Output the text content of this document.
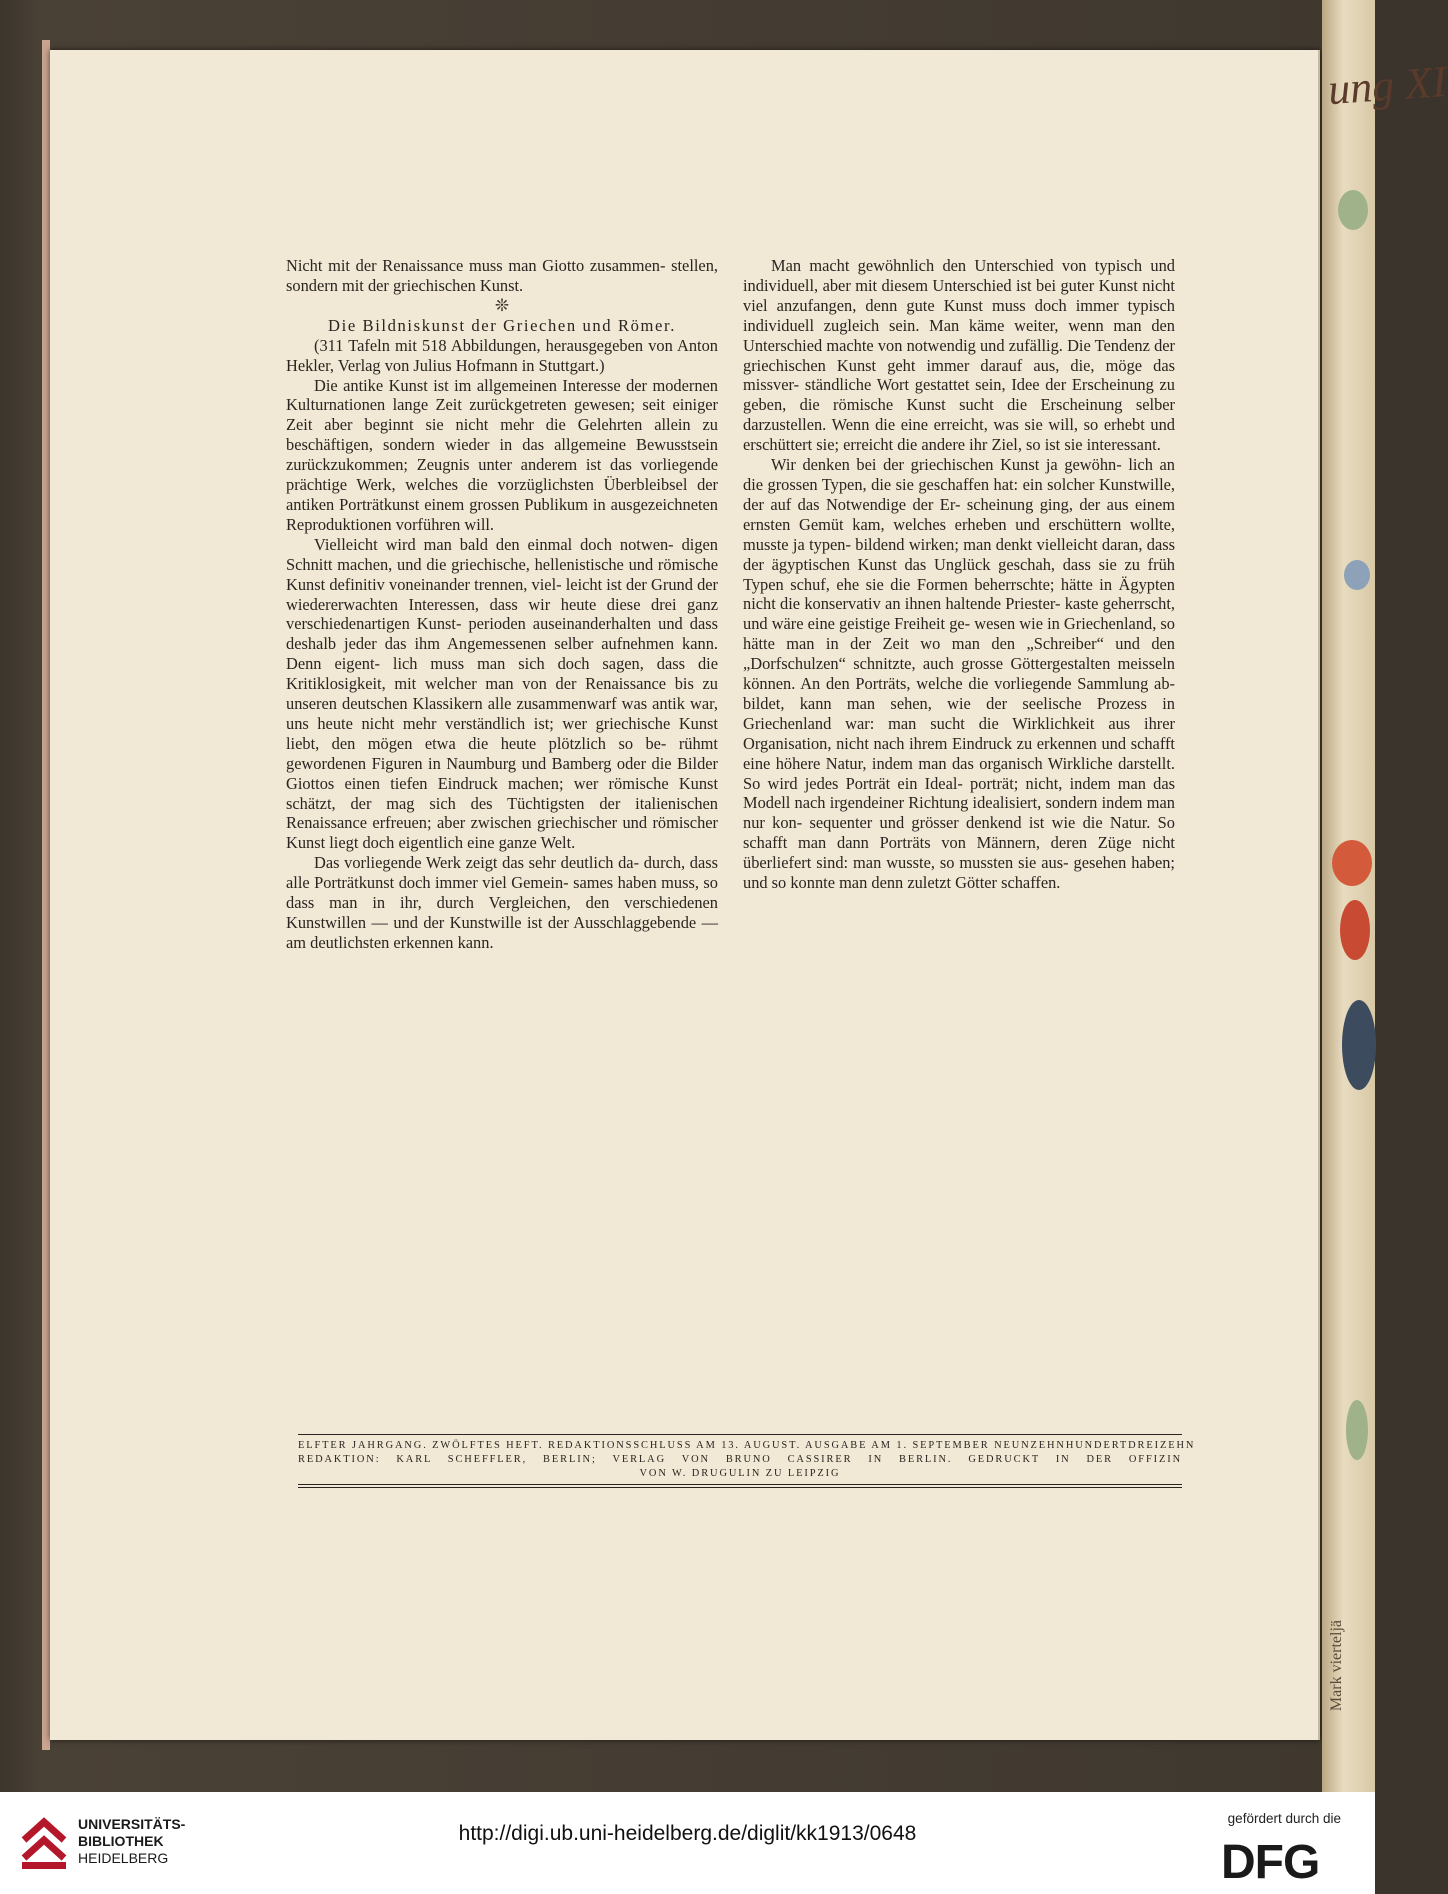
Nicht mit der Renaissance muss man Giotto zusammen- stellen, sondern mit der griechischen Kunst.

❊

Die Bildniskunst der Griechen und Römer.

(311 Tafeln mit 518 Abbildungen, herausgegeben von Anton Hekler, Verlag von Julius Hofmann in Stuttgart.)

Die antike Kunst ist im allgemeinen Interesse der modernen Kulturnationen lange Zeit zurückgetreten gewesen; seit einiger Zeit aber beginnt sie nicht mehr die Gelehrten allein zu beschäftigen, sondern wieder in das allgemeine Bewusstsein zurückzukommen; Zeugnis unter anderem ist das vorliegende prächtige Werk, welches die vorzüglichsten Überbleibsel der antiken Porträtkunst einem grossen Publikum in ausgezeichneten Reproduktionen vorführen will.

Vielleicht wird man bald den einmal doch notwen- digen Schnitt machen, und die griechische, hellenistische und römische Kunst definitiv voneinander trennen, viel- leicht ist der Grund der wiedererwachten Interessen, dass wir heute diese drei ganz verschiedenartigen Kunst- perioden auseinanderhalten und dass deshalb jeder das ihm Angemessenen selber aufnehmen kann. Denn eigent- lich muss man sich doch sagen, dass die Kritiklosigkeit, mit welcher man von der Renaissance bis zu unseren deutschen Klassikern alle zusammenwarf was antik war, uns heute nicht mehr verständlich ist; wer griechische Kunst liebt, den mögen etwa die heute plötzlich so be- rühmt gewordenen Figuren in Naumburg und Bamberg oder die Bilder Giottos einen tiefen Eindruck machen; wer römische Kunst schätzt, der mag sich des Tüchtigsten der italienischen Renaissance erfreuen; aber zwischen griechischer und römischer Kunst liegt doch eigentlich eine ganze Welt.

Das vorliegende Werk zeigt das sehr deutlich da- durch, dass alle Porträtkunst doch immer viel Gemein- sames haben muss, so dass man in ihr, durch Vergleichen, den verschiedenen Kunstwillen — und der Kunstwille ist der Ausschlaggebende — am deutlichsten erkennen kann.

Man macht gewöhnlich den Unterschied von typisch und individuell, aber mit diesem Unterschied ist bei guter Kunst nicht viel anzufangen, denn gute Kunst muss doch immer typisch individuell zugleich sein. Man käme weiter, wenn man den Unterschied machte von notwendig und zufällig. Die Tendenz der griechischen Kunst geht immer darauf aus, die, möge das missver- ständliche Wort gestattet sein, Idee der Erscheinung zu geben, die römische Kunst sucht die Erscheinung selber darzustellen. Wenn die eine erreicht, was sie will, so erhebt und erschüttert sie; erreicht die andere ihr Ziel, so ist sie interessant.

Wir denken bei der griechischen Kunst ja gewöhn- lich an die grossen Typen, die sie geschaffen hat: ein solcher Kunstwille, der auf das Notwendige der Er- scheinung ging, der aus einem ernsten Gemüt kam, welches erheben und erschüttern wollte, musste ja typen- bildend wirken; man denkt vielleicht daran, dass der ägyptischen Kunst das Unglück geschah, dass sie zu früh Typen schuf, ehe sie die Formen beherrschte; hätte in Ägypten nicht die konservativ an ihnen haltende Priester- kaste geherrscht, und wäre eine geistige Freiheit ge- wesen wie in Griechenland, so hätte man in der Zeit wo man den „Schreiber“ und den „Dorfschulzen“ schnitzte, auch grosse Göttergestalten meisseln können. An den Porträts, welche die vorliegende Sammlung ab- bildet, kann man sehen, wie der seelische Prozess in Griechenland war: man sucht die Wirklichkeit aus ihrer Organisation, nicht nach ihrem Eindruck zu erkennen und schafft eine höhere Natur, indem man das organisch Wirkliche darstellt. So wird jedes Porträt ein Ideal- porträt; nicht, indem man das Modell nach irgendeiner Richtung idealisiert, sondern indem man nur kon- sequenter und grösser denkend ist wie die Natur. So schafft man dann Porträts von Männern, deren Züge nicht überliefert sind: man wusste, so mussten sie aus- gesehen haben; und so konnte man denn zuletzt Götter schaffen.

ELFTER JAHRGANG. ZWÖLFTES HEFT. REDAKTIONSSCHLUSS AM 13. AUGUST. AUSGABE AM 1. SEPTEMBER NEUNZEHNHUNDERTDREIZEHN
REDAKTION: KARL SCHEFFLER, BERLIN; VERLAG VON BRUNO CASSIRER IN BERLIN. GEDRUCKT IN DER OFFIZIN
VON W. DRUGULIN ZU LEIPZIG
ung XI
Mark vierteljä
UNIVERSITÄTS-
BIBLIOTHEK
HEIDELBERG
http://digi.ub.uni-heidelberg.de/diglit/kk1913/0648
gefördert durch die
DFG
